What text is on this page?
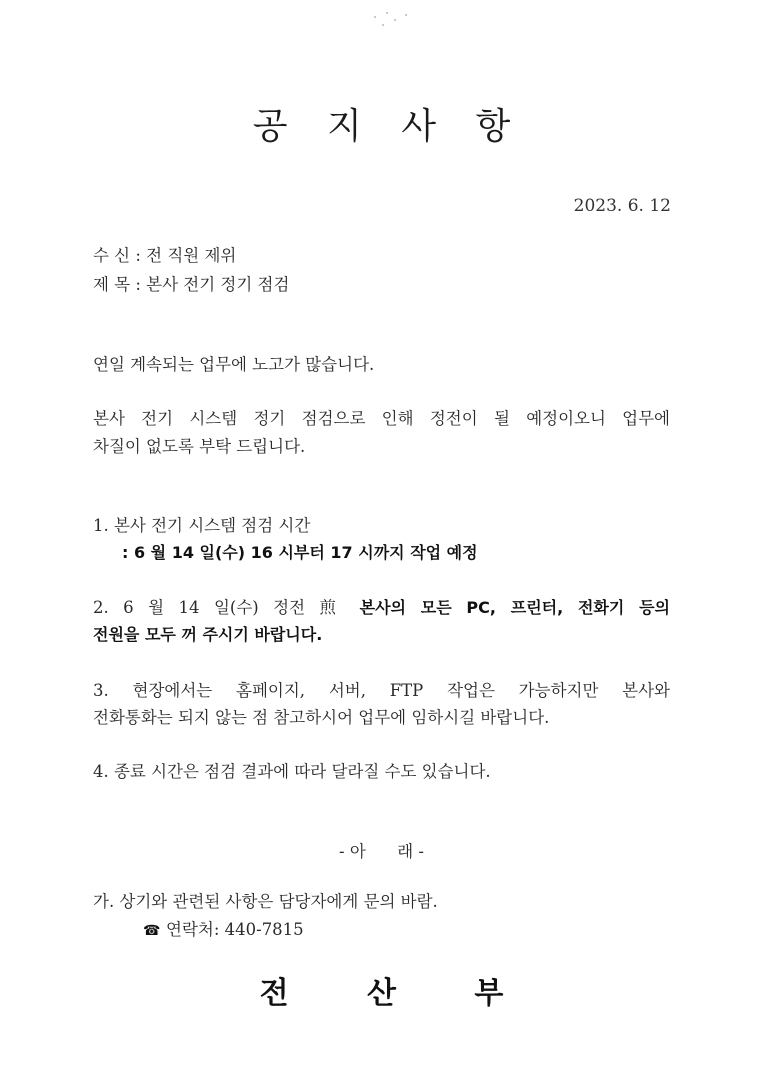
공 지 사 항
2023. 6. 12
수 신 : 전 직원 제위
제 목 : 본사 전기 정기 점검
연일 계속되는 업무에 노고가 많습니다.
본사 전기 시스템 정기 점검으로 인해 정전이 될 예정이오니 업무에
차질이 없도록 부탁 드립니다.
1. 본사 전기 시스템 점검 시간
: 6 월 14 일(수) 16 시부터 17 시까지 작업 예정
2. 6 월 14 일(수) 정전 煎 본사의 모든 PC, 프린터, 전화기 등의
전원을 모두 꺼 주시기 바랍니다.
3. 현장에서는 홈페이지, 서버, FTP 작업은 가능하지만 본사와
전화통화는 되지 않는 점 참고하시어 업무에 임하시길 바랍니다.
4. 종료 시간은 점검 결과에 따라 달라질 수도 있습니다.
- 아      래 -
가. 상기와 관련된 사항은 담당자에게 문의 바람.
☎ 연락처: 440-7815
전 산 부
